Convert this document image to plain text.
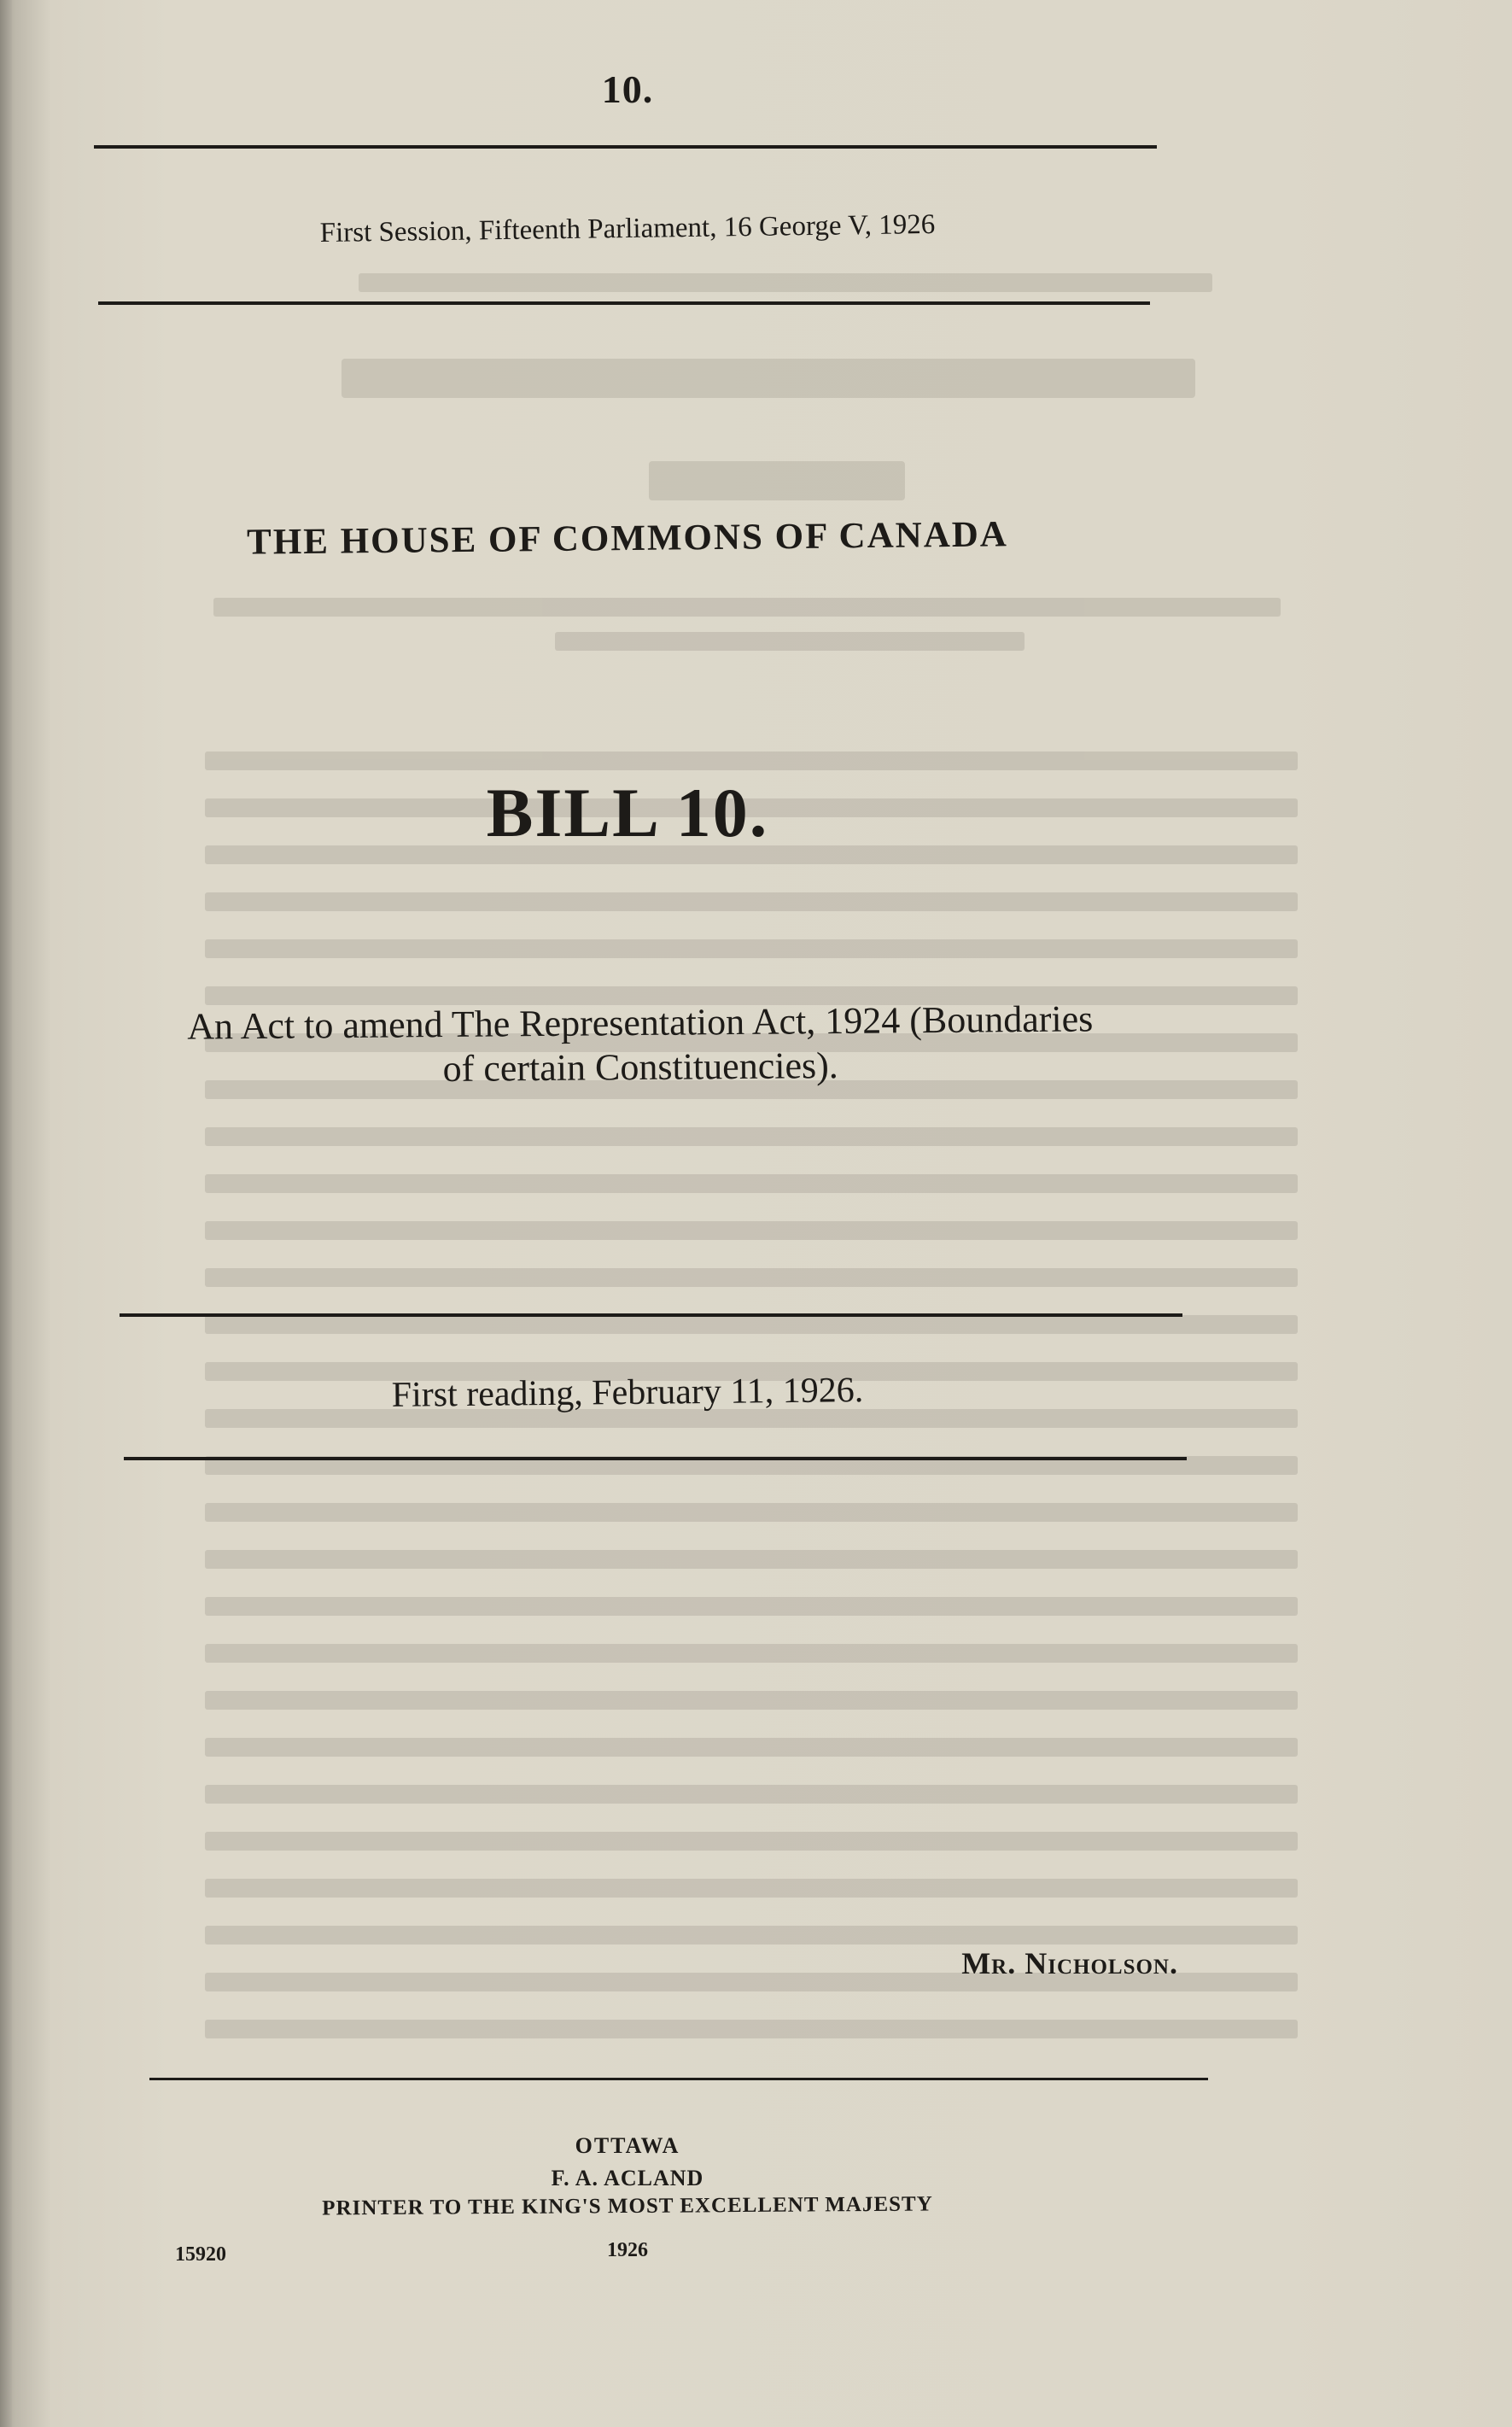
10.
First Session, Fifteenth Parliament, 16 George V, 1926
THE HOUSE OF COMMONS OF CANADA
BILL 10.
An Act to amend The Representation Act, 1924 (Boundaries
of certain Constituencies).
First reading, February 11, 1926.
Mr. Nicholson.
OTTAWA
F. A. ACLAND
PRINTER TO THE KING'S MOST EXCELLENT MAJESTY
1926
15920
